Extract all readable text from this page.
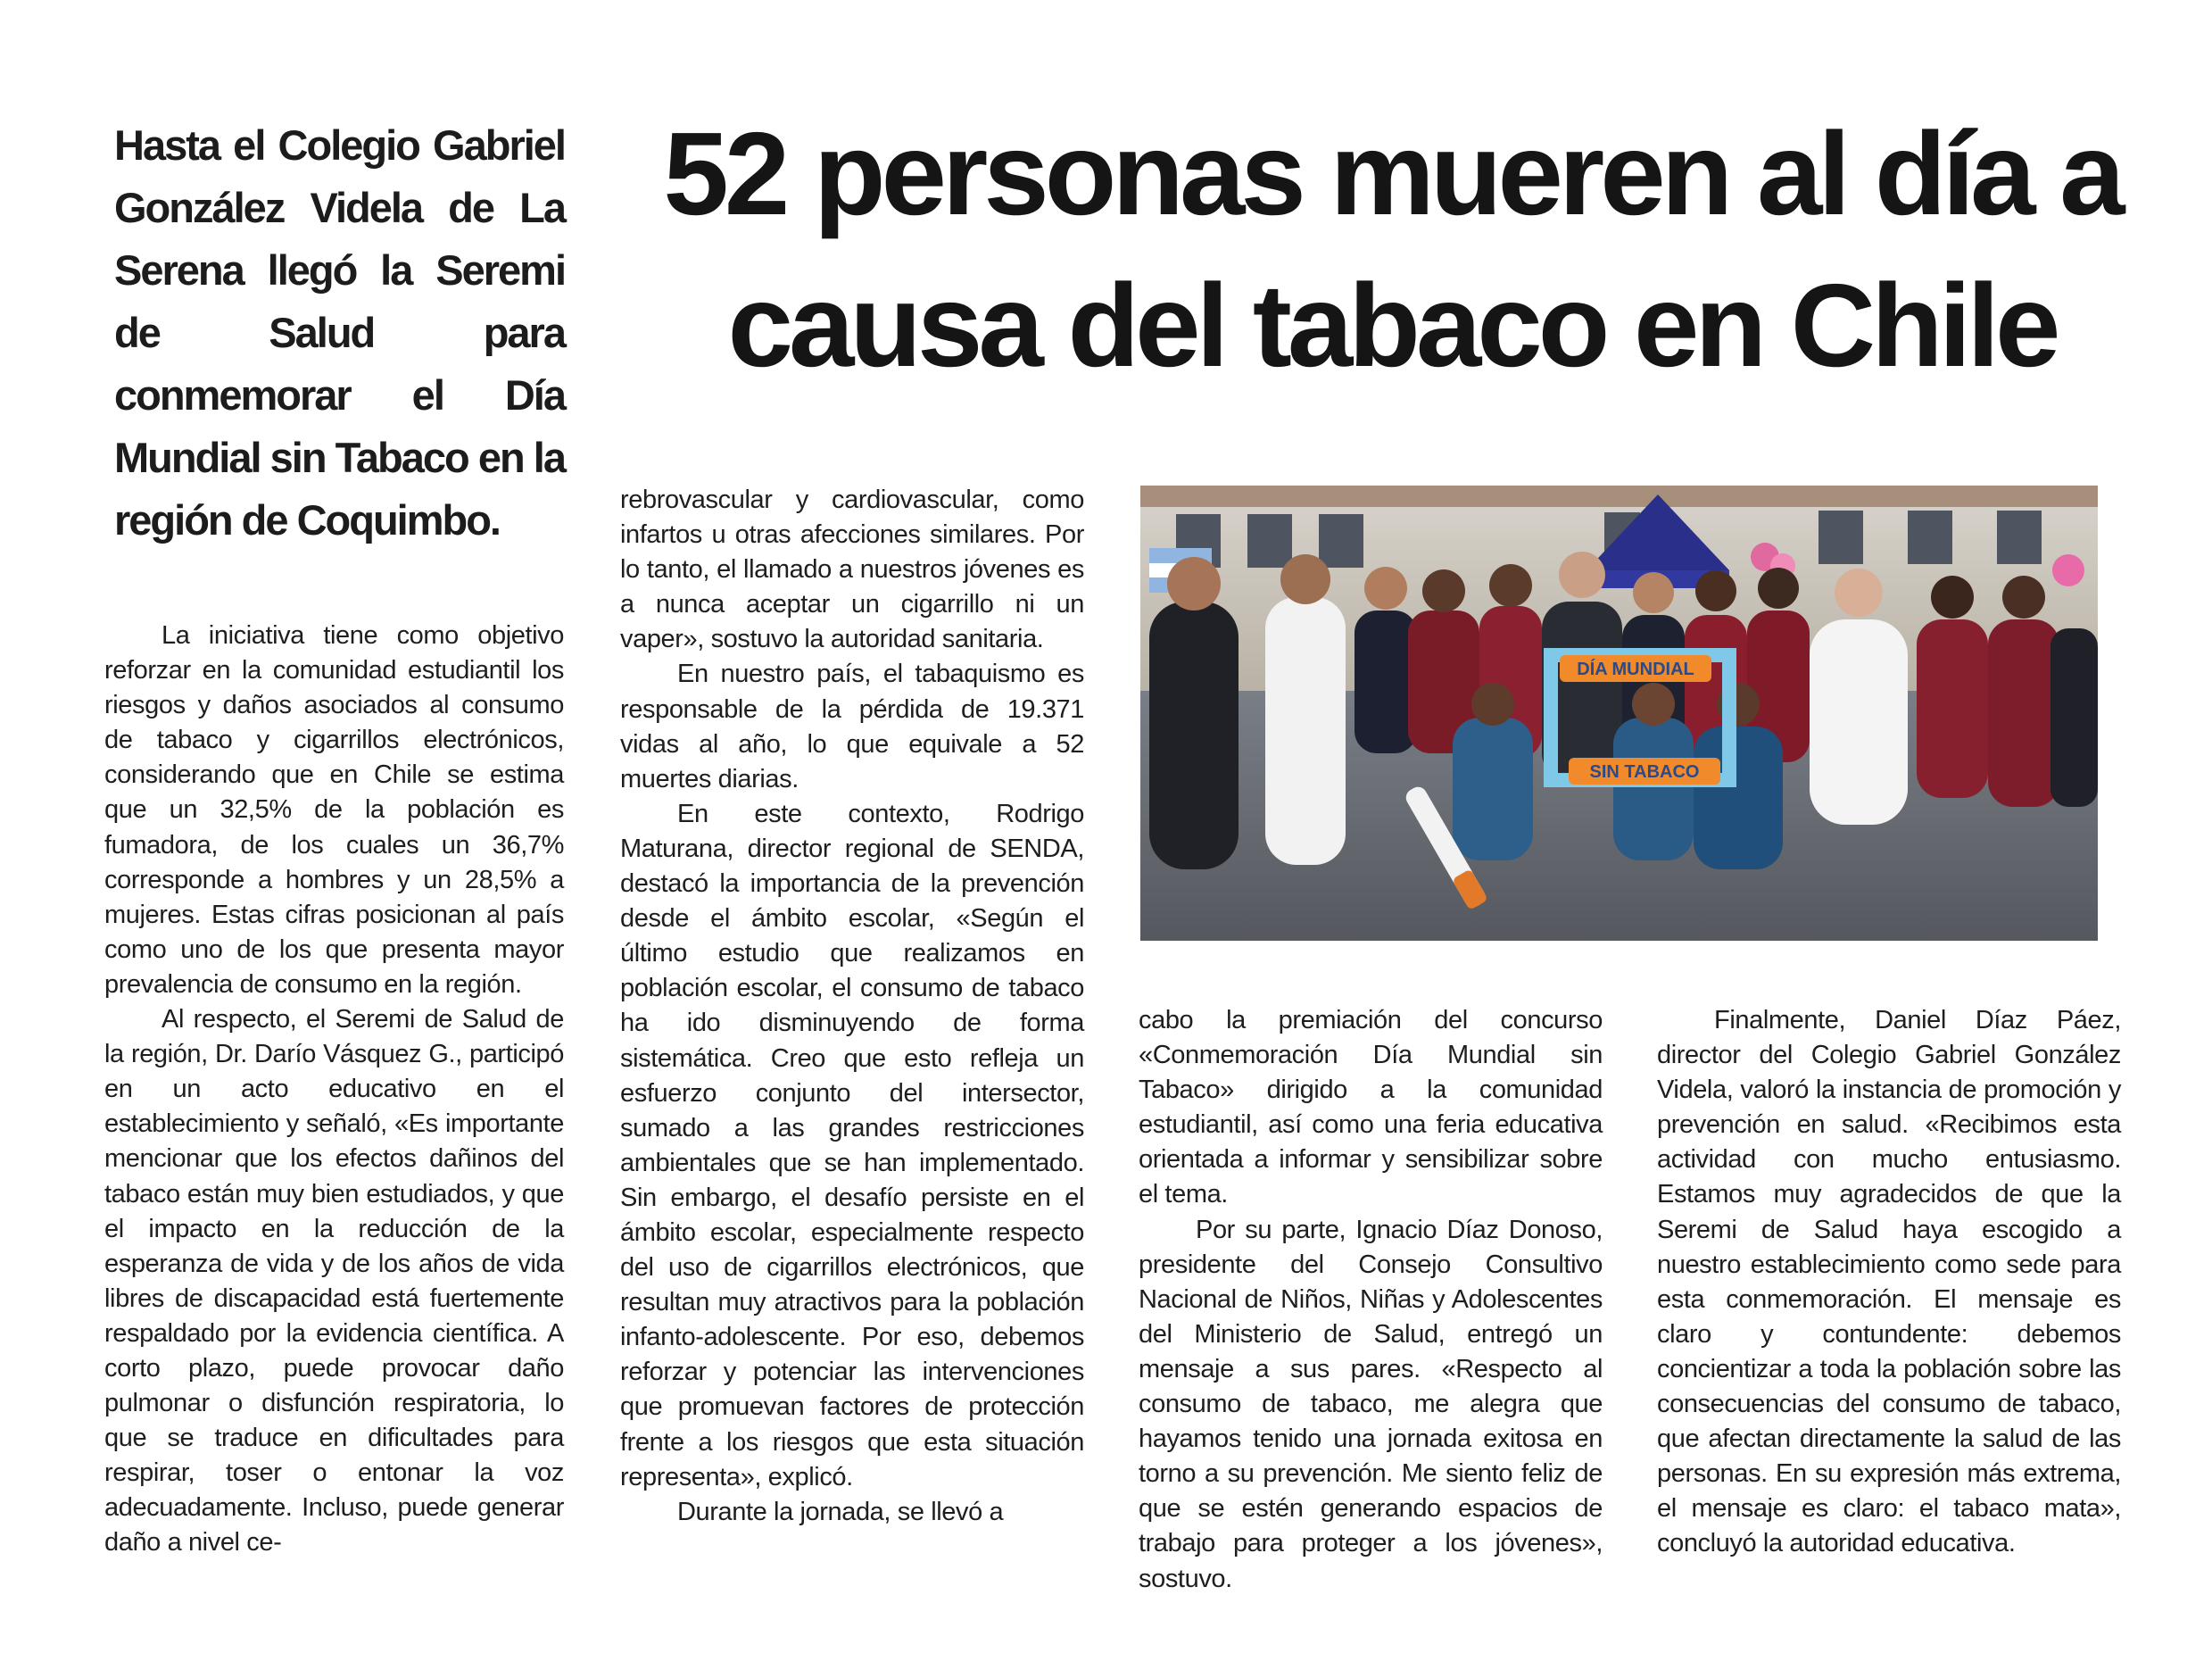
Hasta el Colegio Gabriel González Videla de La Serena llegó la Seremi de Salud para conmemorar el Día Mundial sin Tabaco en la región de Coquimbo.
52 personas mueren al día a
causa del tabaco en Chile

La iniciativa tiene como objetivo reforzar en la comunidad estudiantil los riesgos y daños asociados al consumo de tabaco y cigarrillos electrónicos, considerando que en Chile se estima que un 32,5% de la población es fumadora, de los cuales un 36,7% corresponde a hombres y un 28,5% a mujeres. Estas cifras posicionan al país como uno de los que presenta mayor prevalencia de consumo en la región.

Al respecto, el Seremi de Salud de la región, Dr. Darío Vásquez G., participó en un acto educativo en el establecimiento y señaló, «Es importante mencionar que los efectos dañinos del tabaco están muy bien estudiados, y que el impacto en la reducción de la esperanza de vida y de los años de vida libres de discapacidad está fuertemente respaldado por la evidencia científica. A corto plazo, puede provocar daño pulmonar o disfunción respiratoria, lo que se traduce en dificultades para respirar, toser o entonar la voz adecuadamente. Incluso, puede generar daño a nivel ce-

rebrovascular y cardiovascular, como infartos u otras afecciones similares. Por lo tanto, el llamado a nuestros jóvenes es a nunca aceptar un cigarrillo ni un vaper», sostuvo la autoridad sanitaria.

En nuestro país, el tabaquismo es responsable de la pérdida de 19.371 vidas al año, lo que equivale a 52 muertes diarias.

En este contexto, Rodrigo Maturana, director regional de SENDA, destacó la importancia de la prevención desde el ámbito escolar, «Según el último estudio que realizamos en población escolar, el consumo de tabaco ha ido disminuyendo de forma sistemática. Creo que esto refleja un esfuerzo conjunto del intersector, sumado a las grandes restricciones ambientales que se han implementado. Sin embargo, el desafío persiste en el ámbito escolar, especialmente respecto del uso de cigarrillos electrónicos, que resultan muy atractivos para la población infanto-adolescente. Por eso, debemos reforzar y potenciar las intervenciones que promuevan factores de protección frente a los riesgos que esta situación representa», explicó.

Durante la jornada, se llevó a

DÍA MUNDIAL
SIN TABACO

cabo la premiación del concurso «Conmemoración Día Mundial sin Tabaco» dirigido a la comunidad estudiantil, así como una feria educativa orientada a informar y sensibilizar sobre el tema.

Por su parte, Ignacio Díaz Donoso, presidente del Consejo Consultivo Nacional de Niños, Niñas y Adolescentes del Ministerio de Salud, entregó un mensaje a sus pares. «Respecto al consumo de tabaco, me alegra que hayamos tenido una jornada exitosa en torno a su prevención. Me siento feliz de que se estén generando espacios de trabajo para proteger a los jóvenes», sostuvo.

Finalmente, Daniel Díaz Páez, director del Colegio Gabriel González Videla, valoró la instancia de promoción y prevención en salud. «Recibimos esta actividad con mucho entusiasmo. Estamos muy agradecidos de que la Seremi de Salud haya escogido a nuestro establecimiento como sede para esta conmemoración. El mensaje es claro y contundente: debemos concientizar a toda la población sobre las consecuencias del consumo de tabaco, que afectan directamente la salud de las personas. En su expresión más extrema, el mensaje es claro: el tabaco mata», concluyó la autoridad educativa.
